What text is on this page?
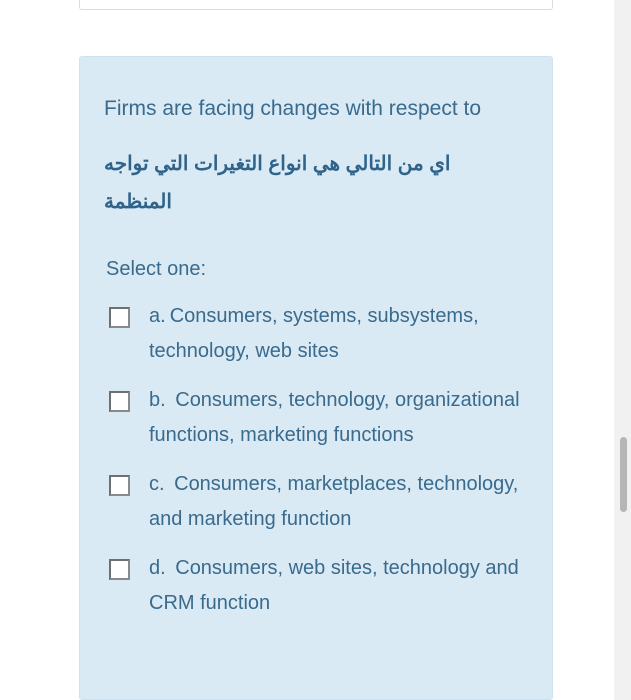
Firms are facing changes with respect to

اي من التالي هي انواع التغيرات التي تواجه
المنظمة
Select one:
a. Consumers, systems, subsystems, technology, web sites
b. Consumers, technology, organizational functions, marketing functions
c. Consumers, marketplaces, technology, and marketing function
d. Consumers, web sites, technology and CRM function
